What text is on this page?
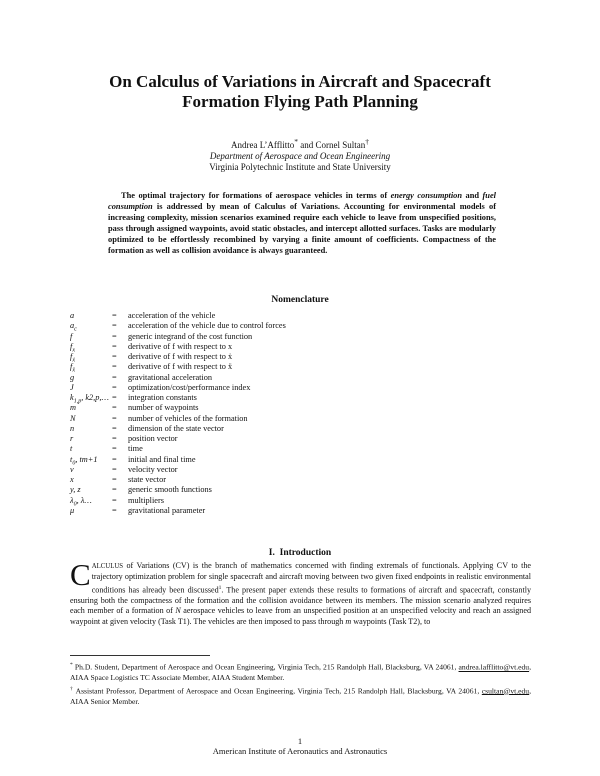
On Calculus of Variations in Aircraft and Spacecraft
Formation Flying Path Planning
Andrea L’Afflitto* and Cornel Sultan†
Department of Aerospace and Ocean Engineering
Virginia Polytechnic Institute and State University
The optimal trajectory for formations of aerospace vehicles in terms of energy consumption and fuel consumption is addressed by mean of Calculus of Variations. Accounting for environmental models of increasing complexity, mission scenarios examined require each vehicle to leave from unspecified positions, pass through assigned waypoints, avoid static obstacles, and intercept allotted surfaces. Tasks are modularly optimized to be effortlessly recombined by varying a finite amount of coefficients. Compactness of the formation as well as collision avoidance is always guaranteed.
Nomenclature
a	= acceleration of the vehicle
$a_c$	= acceleration of the vehicle due to control forces
f	= generic integrand of the cost function
$f_x$	= derivative of f with respect to x
$f_ẋ$	= derivative of f with respect to ẋ
$f_ẍ$	= derivative of f with respect to ẍ
g	= gravitational acceleration
J	= optimization/cost/performance index
$k_{1,p}$, k2,p,… = integration constants
m	= number of waypoints
N	= number of vehicles of the formation
n	= dimension of the state vector
r	= position vector
t	= time
$t_0$, tm+1 = initial and final time
v	= velocity vector
x	= state vector
y, z	= generic smooth functions
$\lambda_0$, λ… = multipliers
μ	= gravitational parameter
I.  Introduction
CALCULUS of Variations (CV) is the branch of mathematics concerned with finding extremals of functionals. Applying CV to the trajectory optimization problem for single spacecraft and aircraft moving between two given fixed endpoints in realistic environmental conditions has already been discussed$^1$. The present paper extends these results to formations of aircraft and spacecraft, constantly ensuring both the compactness of the formation and the collision avoidance between its members. The mission scenario analyzed requires each member of a formation of N aerospace vehicles to leave from an unspecified position at an unspecified velocity and reach an assigned waypoint at given velocity (Task T1). The vehicles are then imposed to pass through m waypoints (Task T2), to
* Ph.D. Student, Department of Aerospace and Ocean Engineering, Virginia Tech, 215 Randolph Hall, Blacksburg, VA 24061, andrea.lafflitto@vt.edu, AIAA Space Logistics TC Associate Member, AIAA Student Member.
† Assistant Professor, Department of Aerospace and Ocean Engineering, Virginia Tech, 215 Randolph Hall, Blacksburg, VA 24061, csultan@vt.edu, AIAA Senior Member.
1
American Institute of Aeronautics and Astronautics
